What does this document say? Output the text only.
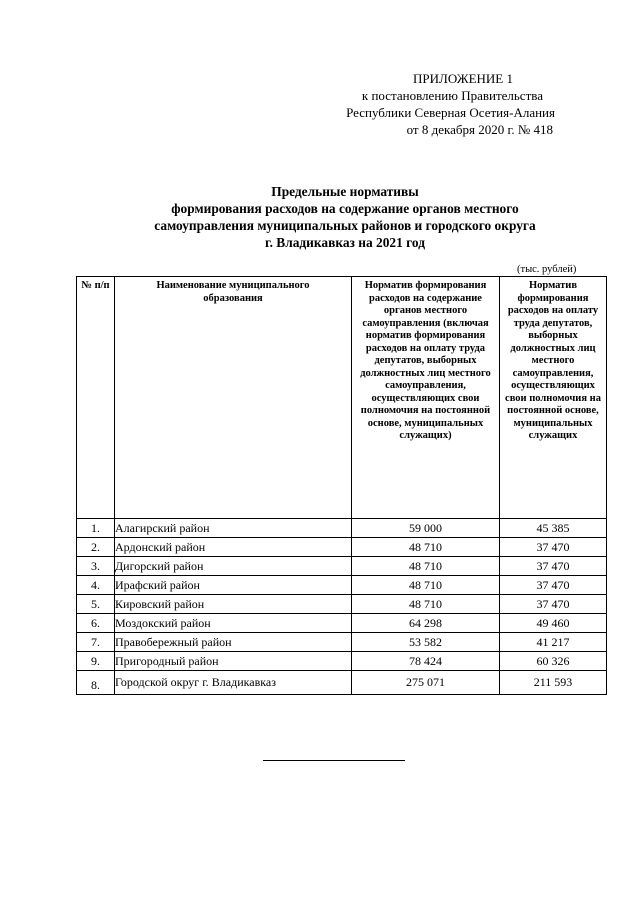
ПРИЛОЖЕНИЕ 1
к постановлению Правительства
Республики Северная Осетия-Алания
от 8 декабря 2020 г. № 418
Предельные нормативы
формирования расходов на содержание органов местного
самоуправления муниципальных районов и городского округа
г. Владикавказ на 2021 год
(тыс. рублей)
№ п/п	Наименование муниципального образования	Норматив формирования расходов на содержание органов местного самоуправления (включая норматив формирования расходов на оплату труда депутатов, выборных должностных лиц местного самоуправления, осуществляющих свои полномочия на постоянной основе, муниципальных служащих)	Норматив формирования расходов на оплату труда депутатов, выборных должностных лиц местного самоуправления, осуществляющих свои полномочия на постоянной основе, муниципальных служащих
1.	Алагирский район	59 000	45 385
2.	Ардонский район	48 710	37 470
3.	Дигорский район	48 710	37 470
4.	Ирафский район	48 710	37 470
5.	Кировский район	48 710	37 470
6.	Моздокский район	64 298	49 460
7.	Правобережный район	53 582	41 217
9.	Пригородный район	78 424	60 326
8.	Городской округ г. Владикавказ	275 071	211 593
